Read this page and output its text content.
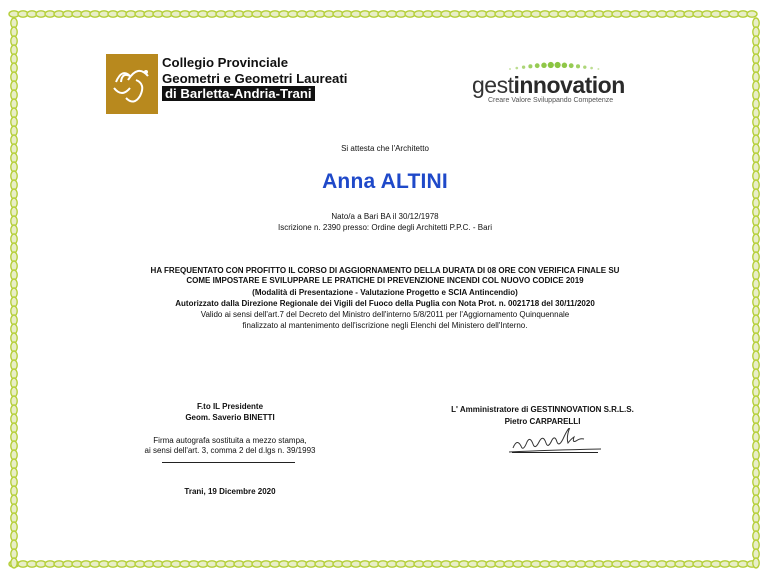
Collegio Provinciale
Geometri e Geometri Laureati
di Barletta-Andria-Trani	gestinnovation
Creare Valore Sviluppando Competenze
Si attesta che l'Architetto
Anna ALTINI
Nato/a a Bari BA il 30/12/1978
Iscrizione n. 2390 presso: Ordine degli Architetti P.P.C. - Bari
HA FREQUENTATO CON PROFITTO IL CORSO DI AGGIORNAMENTO DELLA DURATA DI 08 ORE CON VERIFICA FINALE SU
COME IMPOSTARE E SVILUPPARE LE PRATICHE DI PREVENZIONE INCENDI COL NUOVO CODICE 2019
(Modalità di Presentazione - Valutazione Progetto e SCIA Antincendio)
Autorizzato dalla Direzione Regionale dei Vigili del Fuoco della Puglia con Nota Prot. n. 0021718 del 30/11/2020
Valido ai sensi dell'art.7 del Decreto del Ministro dell'interno 5/8/2011 per l'Aggiornamento Quinquennale
finalizzato al mantenimento dell'iscrizione negli Elenchi del Ministero dell'Interno.
F.to IL Presidente
Geom. Saverio BINETTI
Firma autografa sostituita a mezzo stampa,
ai sensi dell'art. 3, comma 2 del d.lgs n. 39/1993
L' Amministratore di GESTINNOVATION S.R.L.S.
Pietro CARPARELLI
Trani, 19 Dicembre 2020
